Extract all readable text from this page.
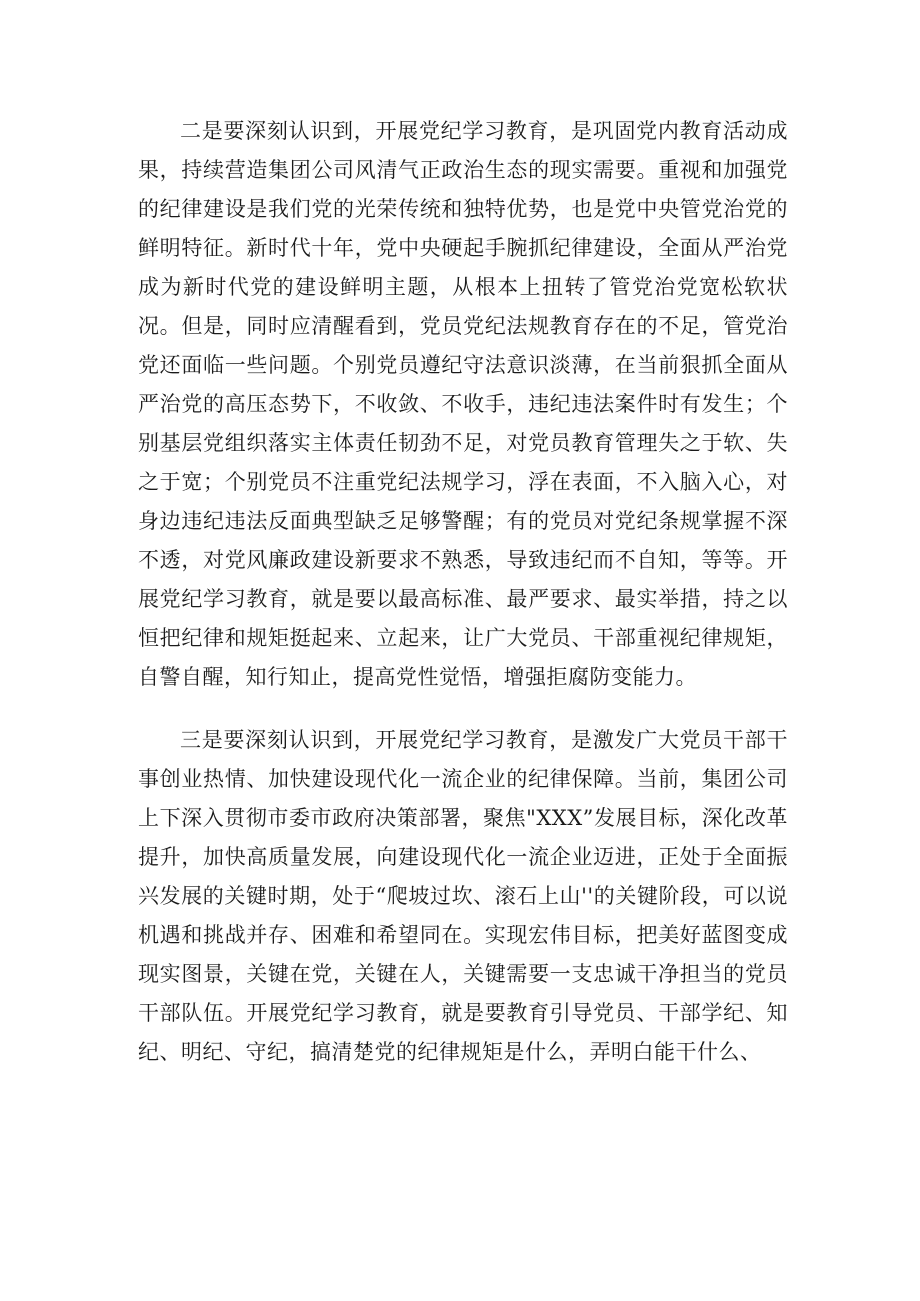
二是要深刻认识到，开展党纪学习教育，是巩固党内教育活动成果，持续营造集团公司风清气正政治生态的现实需要。重视和加强党的纪律建设是我们党的光荣传统和独特优势，也是党中央管党治党的鲜明特征。新时代十年，党中央硬起手腕抓纪律建设，全面从严治党成为新时代党的建设鲜明主题，从根本上扭转了管党治党宽松软状况。但是，同时应清醒看到，党员党纪法规教育存在的不足，管党治党还面临一些问题。个别党员遵纪守法意识淡薄，在当前狠抓全面从严治党的高压态势下，不收敛、不收手，违纪违法案件时有发生；个别基层党组织落实主体责任韧劲不足，对党员教育管理失之于软、失之于宽；个别党员不注重党纪法规学习，浮在表面，不入脑入心，对身边违纪违法反面典型缺乏足够警醒；有的党员对党纪条规掌握不深不透，对党风廉政建设新要求不熟悉，导致违纪而不自知，等等。开展党纪学习教育，就是要以最高标准、最严要求、最实举措，持之以恒把纪律和规矩挺起来、立起来，让广大党员、干部重视纪律规矩，自警自醒，知行知止，提高党性觉悟，增强拒腐防变能力。

三是要深刻认识到，开展党纪学习教育，是激发广大党员干部干事创业热情、加快建设现代化一流企业的纪律保障。当前，集团公司上下深入贯彻市委市政府决策部署，聚焦"XXX”发展目标，深化改革提升，加快高质量发展，向建设现代化一流企业迈进，正处于全面振兴发展的关键时期，处于“爬坡过坎、滚石上山''的关键阶段，可以说机遇和挑战并存、困难和希望同在。实现宏伟目标，把美好蓝图变成现实图景，关键在党，关键在人，关键需要一支忠诚干净担当的党员干部队伍。开展党纪学习教育，就是要教育引导党员、干部学纪、知纪、明纪、守纪，搞清楚党的纪律规矩是什么，弄明白能干什么、
